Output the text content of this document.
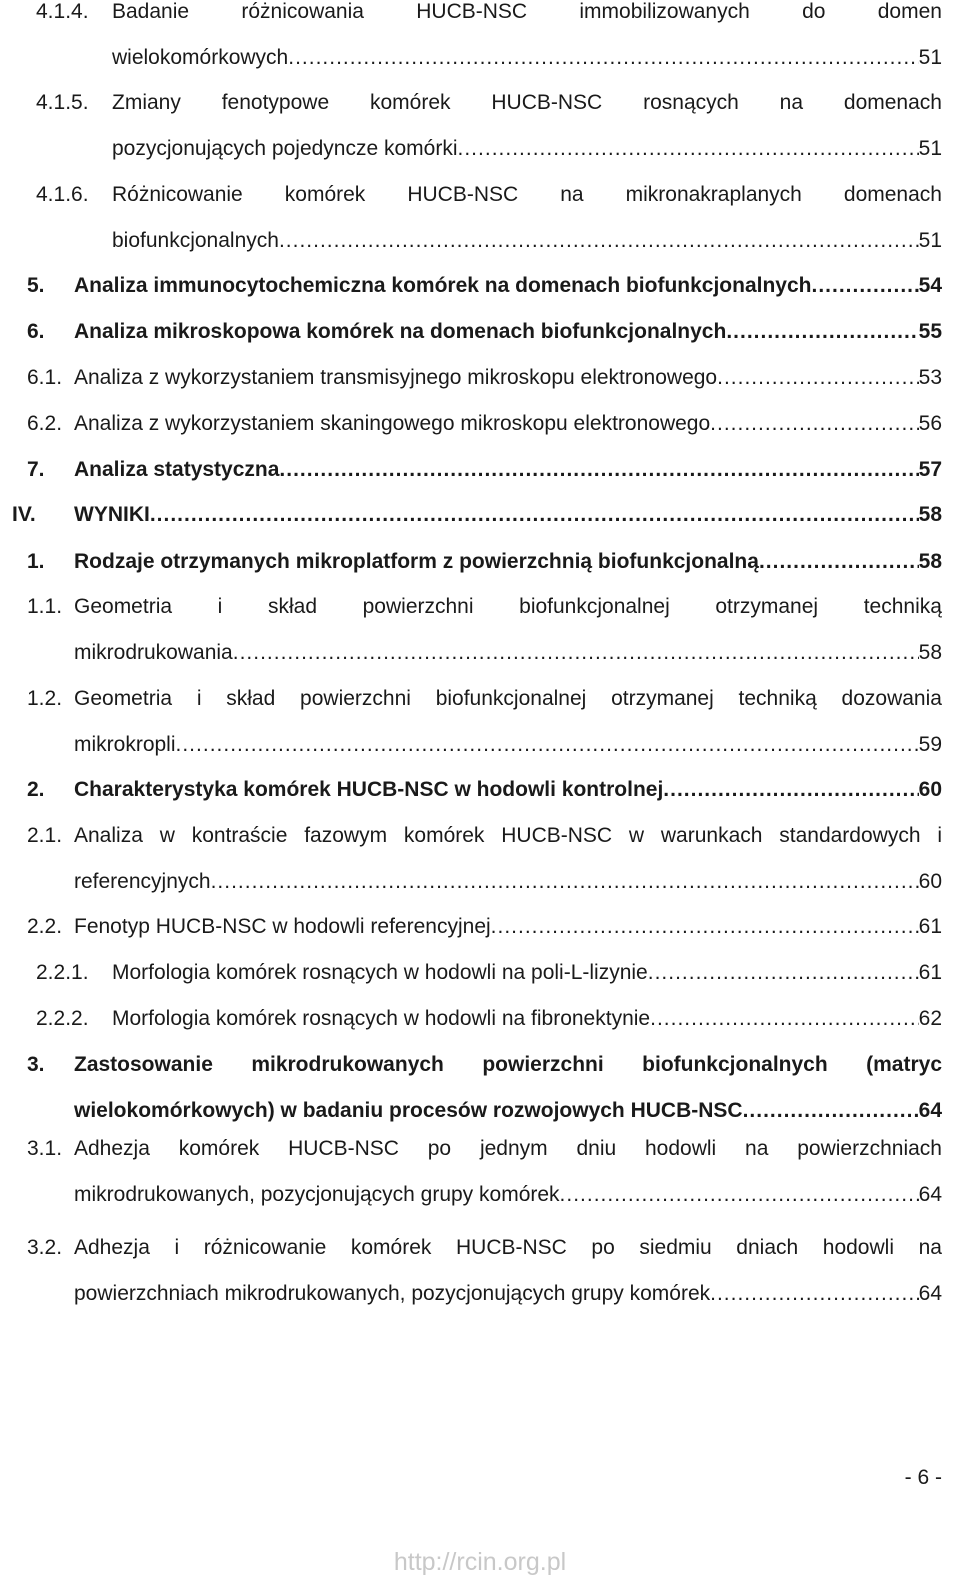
4.1.4. Badanie różnicowania HUCB-NSC immobilizowanych do domen
wielokomórkowych .....	51
4.1.5. Zmiany fenotypowe komórek HUCB-NSC rosnących na domenach
pozycjonujących pojedyncze komórki .....	51
4.1.6. Różnicowanie komórek HUCB-NSC na mikronakraplanych domenach
biofunkcjonalnych .....	51
5. Analiza immunocytochemiczna komórek na domenach biofunkcjonalnych .....	54
6. Analiza mikroskopowa komórek na domenach biofunkcjonalnych .....	55
6.1. Analiza z wykorzystaniem transmisyjnego mikroskopu elektronowego .....	53
6.2. Analiza z wykorzystaniem skaningowego mikroskopu elektronowego .....	56
7. Analiza statystyczna .....	57
IV. WYNIKI .....	58
1. Rodzaje otrzymanych mikroplatform z powierzchnią biofunkcjonalną .....	58
1.1. Geometria i skład powierzchni biofunkcjonalnej otrzymanej techniką
mikrodrukowania .....	58
1.2. Geometria i skład powierzchni biofunkcjonalnej otrzymanej techniką dozowania
mikrokropli .....	59
2. Charakterystyka komórek HUCB-NSC w hodowli kontrolnej .....	60
2.1. Analiza w kontraście fazowym komórek HUCB-NSC w warunkach standardowych i
referencyjnych .....	60
2.2. Fenotyp HUCB-NSC w hodowli referencyjnej .....	61
2.2.1. Morfologia komórek rosnących w hodowli na poli-L-lizynie .....	61
2.2.2. Morfologia komórek rosnących w hodowli na fibronektynie .....	62
3. Zastosowanie mikrodrukowanych powierzchni biofunkcjonalnych (matryc
wielokomórkowych) w badaniu procesów rozwojowych HUCB-NSC .....	64
3.1. Adhezja komórek HUCB-NSC po jednym dniu hodowli na powierzchniach
mikrodrukowanych, pozycjonujących grupy komórek .....	64
3.2. Adhezja i różnicowanie komórek HUCB-NSC po siedmiu dniach hodowli na
powierzchniach mikrodrukowanych, pozycjonujących grupy komórek .....	64
- 6 -
http://rcin.org.pl
